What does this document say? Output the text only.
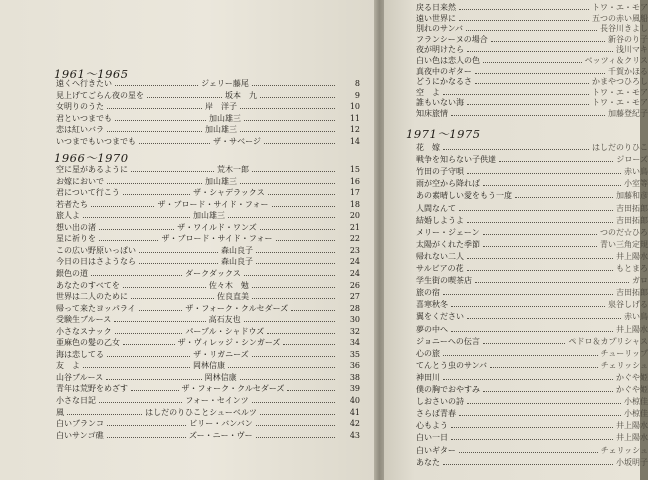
1961〜1965
遠くへ行きたい	ジェリー藤尾	8
見上げてごらん夜の星を	坂本　九	9
女明りのうた	岸　洋子	10
君といつまでも	加山雄三	11
恋は紅いバラ	加山雄三	12
いつまでもいつまでも	ザ・サベージ	14
1966〜1970
空に星があるように	荒木一郎	15
お嫁においで	加山雄三	16
君について行こう	ザ・シャデラックス	17
若者たち	ザ・ブロード・サイド・フォー	18
旅人よ	加山雄三	20
想い出の渚	ザ・ワイルド・ワンズ	21
星に祈りを	ザ・ブロード・サイド・フォー	22
この広い野原いっぱい	森山良子	23
今日の日はさようなら	森山良子	24
銀色の道	ダークダックス	24
あなたのすべてを	佐々木　勉	26
世界は二人のために	佐良直美	27
帰って来たヨッパライ	ザ・フォーク・クルセダーズ	28
受験生ブルース	高石友也	30
小さなスナック	パープル・シャドウズ	32
亜麻色の髪の乙女	ザ・ヴィレッジ・シンガーズ	34
海は恋してる	ザ・リガニーズ	35
友　よ	岡林信康	36
山谷ブルース	岡林信康	38
青年は荒野をめざす	ザ・フォーク・クルセダーズ	39
小さな日記	フォー・セインツ	40
風	はしだのりひことシューベルツ	41
白いブランコ	ビリー・バンバン	42
白いサンゴ礁	ズー・ニー・ヴー	43
戻る日来然	トワ・エ・モア
遠い世界に	五つの赤い風船
別れのサンバ	長谷川きよし
フランシーヌの場合	新谷のり子
夜が明けたら	浅川マキ
白い色は恋人の色	ベッツィ＆クリス
真夜中のギター	千賀かほる
どうにかなるさ	かまやつひろし
空　よ	トワ・エ・モア
誰もいない海	トワ・エ・モア
知床旅情	加藤登紀子
1971〜1975
花　嫁	はしだのりひこ
戦争を知らない子供達	ジローズ
竹田の子守唄	赤い鳥
雨が空から降れば	小室等
あの素晴しい愛をもう一度	加藤和彦
人間なんて	吉田拓郎
結婚しようよ	吉田拓郎
メリー・ジェーン	つのだ☆ひろ
太陽がくれた季節	青い三角定規
帰れない二人	井上陽水
サルビアの花	もとまろ
学生街の喫茶店	ガロ
旅の宿	吉田拓郎
喜寒秋冬	泉谷しげる
翼をください	赤い鳥
夢の中へ	井上陽水
ジョニーへの伝言	ペドロ＆カプリシャス
心の旅	チューリップ
てんとう虫のサンバ	チェリッシュ
神田川	かぐや姫
僕の胸でおやすみ	かぐや姫
しおさいの詩	小椋佳
さらば青春	小椋佳
心もよう	井上陽水
白い一日	井上陽水
白いギター	チェリッシュ
あなた	小坂明子
